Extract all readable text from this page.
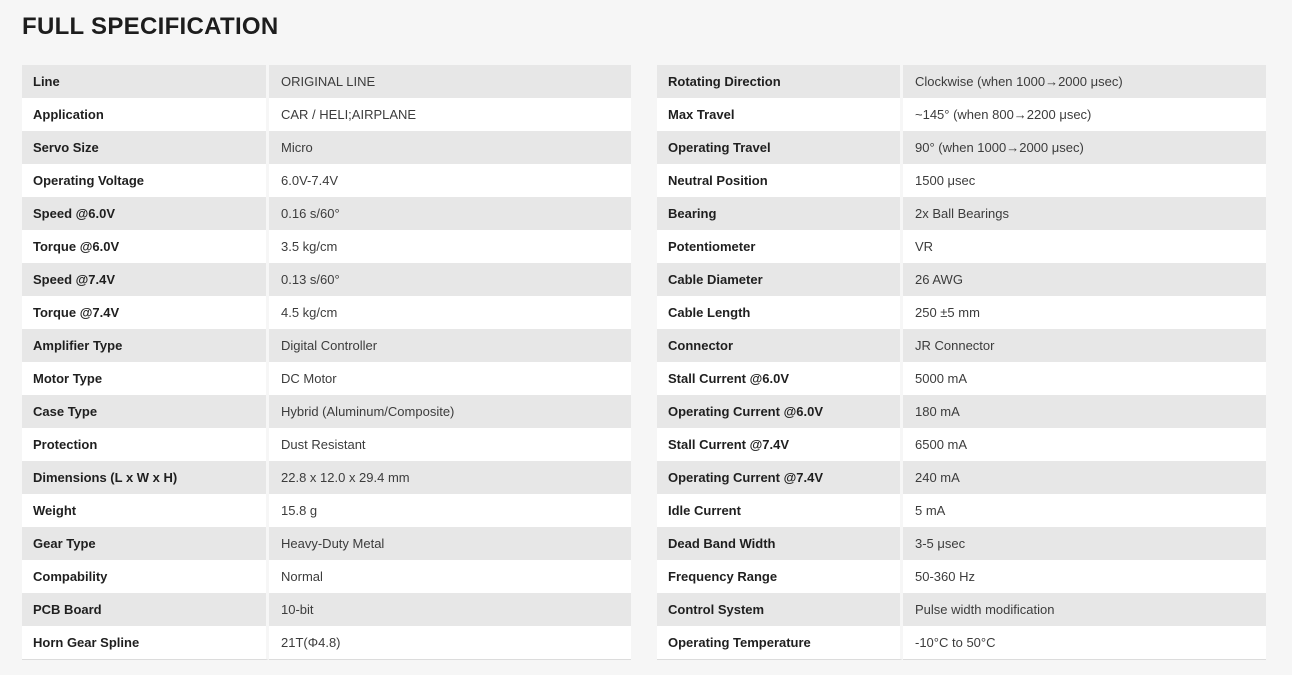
FULL SPECIFICATION
Line	ORIGINAL LINE
Application	CAR / HELI;AIRPLANE
Servo Size	Micro
Operating Voltage	6.0V-7.4V
Speed @6.0V	0.16 s/60°
Torque @6.0V	3.5 kg/cm
Speed @7.4V	0.13 s/60°
Torque @7.4V	4.5 kg/cm
Amplifier Type	Digital Controller
Motor Type	DC Motor
Case Type	Hybrid (Aluminum/Composite)
Protection	Dust Resistant
Dimensions (L x W x H)	22.8 x 12.0 x 29.4 mm
Weight	15.8 g
Gear Type	Heavy-Duty Metal
Compability	Normal
PCB Board	10-bit
Horn Gear Spline	21T(Φ4.8)
Rotating Direction	Clockwise (when 1000→2000 μsec)
Max Travel	~145° (when 800→2200 μsec)
Operating Travel	90° (when 1000→2000 μsec)
Neutral Position	1500 μsec
Bearing	2x Ball Bearings
Potentiometer	VR
Cable Diameter	26 AWG
Cable Length	250 ±5 mm
Connector	JR Connector
Stall Current @6.0V	5000 mA
Operating Current @6.0V	180 mA
Stall Current @7.4V	6500 mA
Operating Current @7.4V	240 mA
Idle Current	5 mA
Dead Band Width	3-5 μsec
Frequency Range	50-360 Hz
Control System	Pulse width modification
Operating Temperature	-10°C to 50°C
